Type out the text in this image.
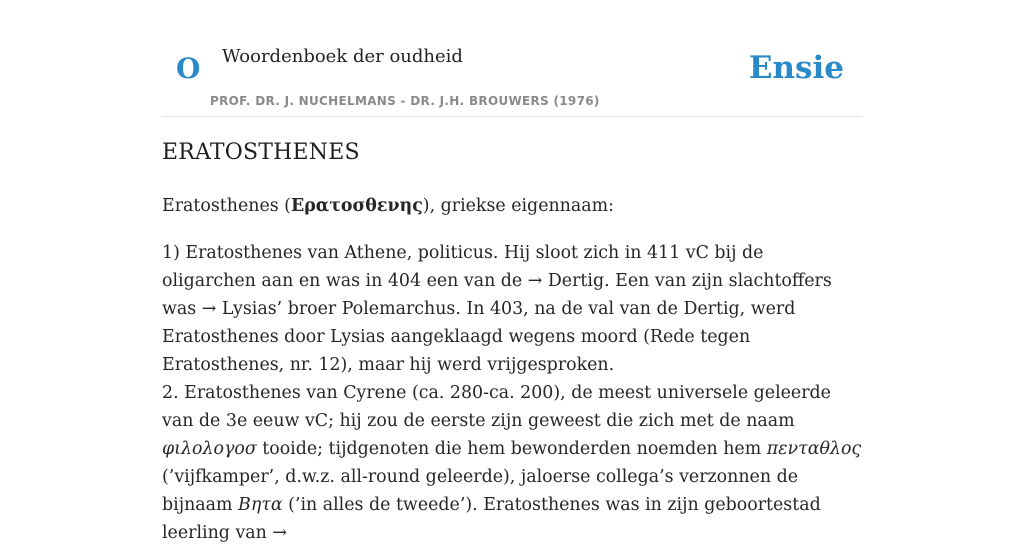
O Woordenboek der oudheid
PROF. DR. J. NUCHELMANS - DR. J.H. BROUWERS (1976)
Ensie
ERATOSTHENES

Eratosthenes (Ερατοσθενης), griekse eigennaam:

1) Eratosthenes van Athene, politicus. Hij sloot zich in 411 vC bij de oligarchen aan en was in 404 een van de → Dertig. Een van zijn slachtoffers was → Lysias’ broer Polemarchus. In 403, na de val van de Dertig, werd Eratosthenes door Lysias aangeklaagd wegens moord (Rede tegen Eratosthenes, nr. 12), maar hij werd vrijgesproken.

2. Eratosthenes van Cyrene (ca. 280-ca. 200), de meest universele geleerde van de 3e eeuw vC; hij zou de eerste zijn geweest die zich met de naam φιλολογοσ tooide; tijdgenoten die hem bewonderden noemden hem πενταθλος (’vijfkamper’, d.w.z. all-round geleerde), jaloerse collega’s verzonnen de bijnaam Βητα (’in alles de tweede’). Eratosthenes was in zijn geboortestad leerling van →
